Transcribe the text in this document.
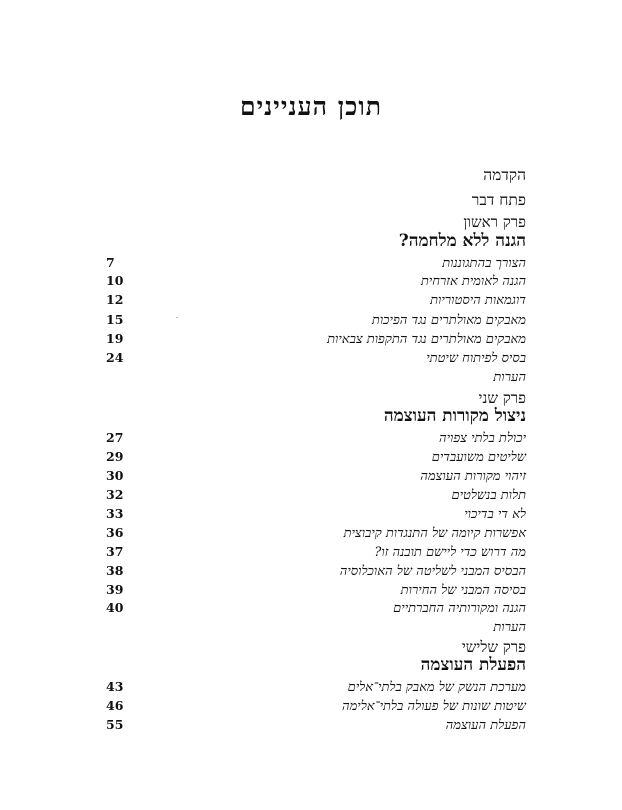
תוכן העניינים
הקדמה
פתח דבר
פרק ראשון
הגנה ללא מלחמה?
הצורך בהתגוננות
7
הגנה לאומית אזרחית
10
דוגמאות היסטוריות
12
מאבקים מאולתרים נגד הפיכות
15
מאבקים מאולתרים נגד התקפות צבאיות
19
בסיס לפיתוח שיטתי
24
הערות
פרק שני
ניצול מקורות העוצמה
יכולת בלתי צפויה
27
שליטים משועבדים
29
זיהוי מקורות העוצמה
30
תלות בנשלטים
32
לא די בדיכוי
33
אפשרות קיומה של התנגדות קיבוצית
36
מה דרוש כדי ליישם תובנה זו?
37
הבסיס המבני לשליטה של האוכלוסיה
38
בסיסה המבני של החירות
39
הגנה ומקורותיה החברתיים
40
הערות
פרק שלישי
הפעלת העוצמה
מערכת הנשק של מאבק בלתי־אלים
43
שיטות שונות של פעולה בלתי־אלימה
46
הפעלת העוצמה
55
